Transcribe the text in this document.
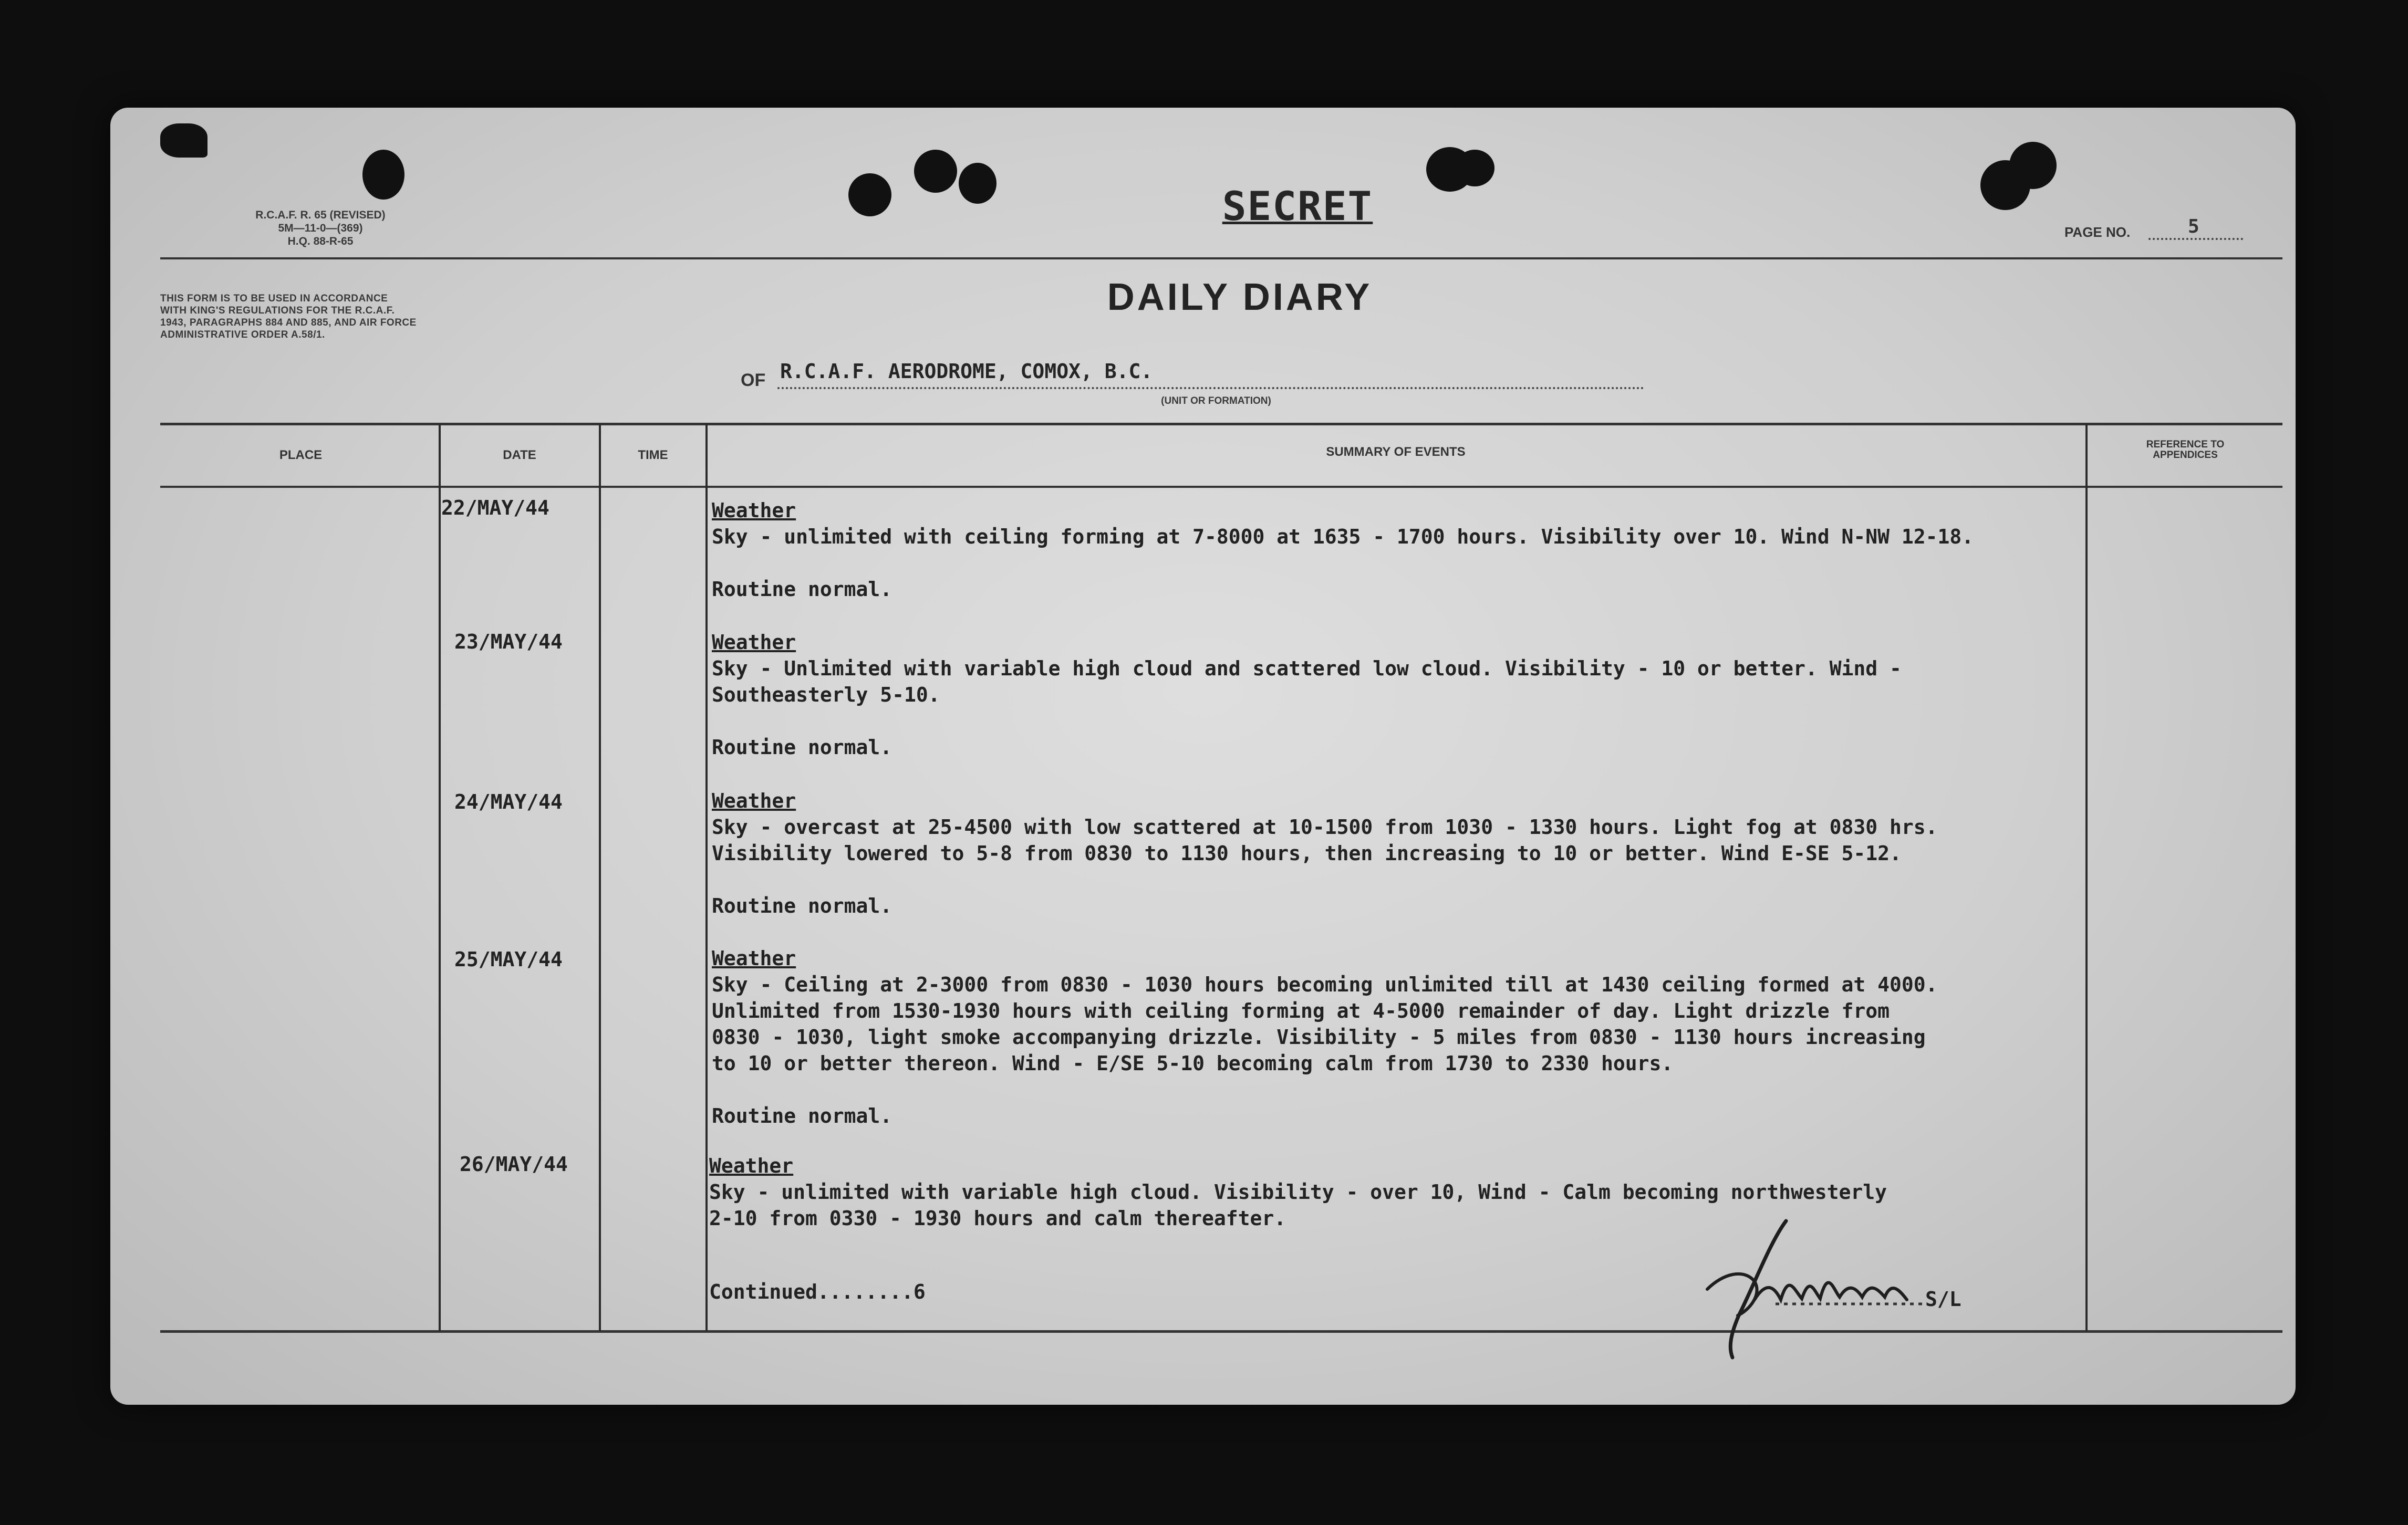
R.C.A.F. R. 65 (REVISED)
5M—11-0—(369)
H.Q. 88-R-65
SECRET
PAGE NO.	5
THIS FORM IS TO BE USED IN ACCORDANCE
WITH KING'S REGULATIONS FOR THE R.C.A.F.
1943, PARAGRAPHS 884 AND 885, AND AIR FORCE
ADMINISTRATIVE ORDER A.58/1.
DAILY DIARY
OF R.C.A.F. AERODROME, COMOX, B.C.
(UNIT OR FORMATION)
PLACE	DATE	TIME	SUMMARY OF EVENTS
REFERENCE TO
APPENDICES
22/MAY/44	Weather
Sky - unlimited with ceiling forming at 7-8000 at 1635 - 1700 hours. Visibility over 10. Wind N-NW 12-18.
Routine normal.
23/MAY/44	Weather
Sky - Unlimited with variable high cloud and scattered low cloud. Visibility - 10 or better. Wind -
Southeasterly 5-10.
Routine normal.
24/MAY/44	Weather
Sky - overcast at 25-4500 with low scattered at 10-1500 from 1030 - 1330 hours. Light fog at 0830 hrs.
Visibility lowered to 5-8 from 0830 to 1130 hours, then increasing to 10 or better. Wind E-SE 5-12.
Routine normal.
25/MAY/44	Weather
Sky - Ceiling at 2-3000 from 0830 - 1030 hours becoming unlimited till at 1430 ceiling formed at 4000.
Unlimited from 1530-1930 hours with ceiling forming at 4-5000 remainder of day. Light drizzle from
0830 - 1030, light smoke accompanying drizzle. Visibility - 5 miles from 0830 - 1130 hours increasing
to 10 or better thereon. Wind - E/SE 5-10 becoming calm from 1730 to 2330 hours.
Routine normal.
26/MAY/44	Weather
Sky - unlimited with variable high cloud. Visibility - over 10, Wind - Calm becoming northwesterly
2-10 from 0330 - 1930 hours and calm thereafter.
Continued........6	S/L
